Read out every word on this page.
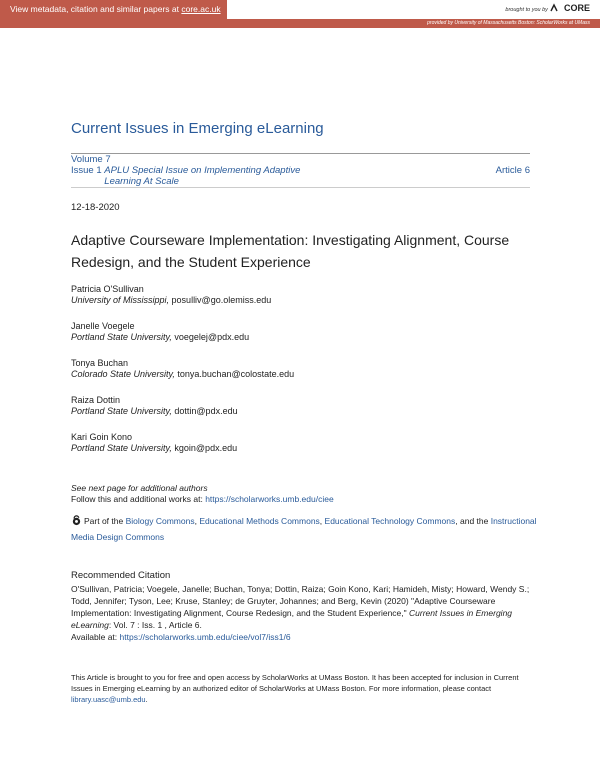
View metadata, citation and similar papers at core.ac.uk	brought to you by CORE
provided by University of Massachusetts Boston: ScholarWorks at UMass
Current Issues in Emerging eLearning
Volume 7
Issue 1 APLU Special Issue on Implementing Adaptive Learning At Scale
Article 6
12-18-2020
Adaptive Courseware Implementation: Investigating Alignment, Course Redesign, and the Student Experience
Patricia O'Sullivan
University of Mississippi, posulliv@go.olemiss.edu
Janelle Voegele
Portland State University, voegelej@pdx.edu
Tonya Buchan
Colorado State University, tonya.buchan@colostate.edu
Raiza Dottin
Portland State University, dottin@pdx.edu
Kari Goin Kono
Portland State University, kgoin@pdx.edu
See next page for additional authors
Follow this and additional works at: https://scholarworks.umb.edu/ciee
Part of the Biology Commons, Educational Methods Commons, Educational Technology Commons, and the Instructional Media Design Commons
Recommended Citation
O'Sullivan, Patricia; Voegele, Janelle; Buchan, Tonya; Dottin, Raiza; Goin Kono, Kari; Hamideh, Misty; Howard, Wendy S.; Todd, Jennifer; Tyson, Lee; Kruse, Stanley; de Gruyter, Johannes; and Berg, Kevin (2020) "Adaptive Courseware Implementation: Investigating Alignment, Course Redesign, and the Student Experience," Current Issues in Emerging eLearning: Vol. 7 : Iss. 1 , Article 6.
Available at: https://scholarworks.umb.edu/ciee/vol7/iss1/6
This Article is brought to you for free and open access by ScholarWorks at UMass Boston. It has been accepted for inclusion in Current Issues in Emerging eLearning by an authorized editor of ScholarWorks at UMass Boston. For more information, please contact library.uasc@umb.edu.
